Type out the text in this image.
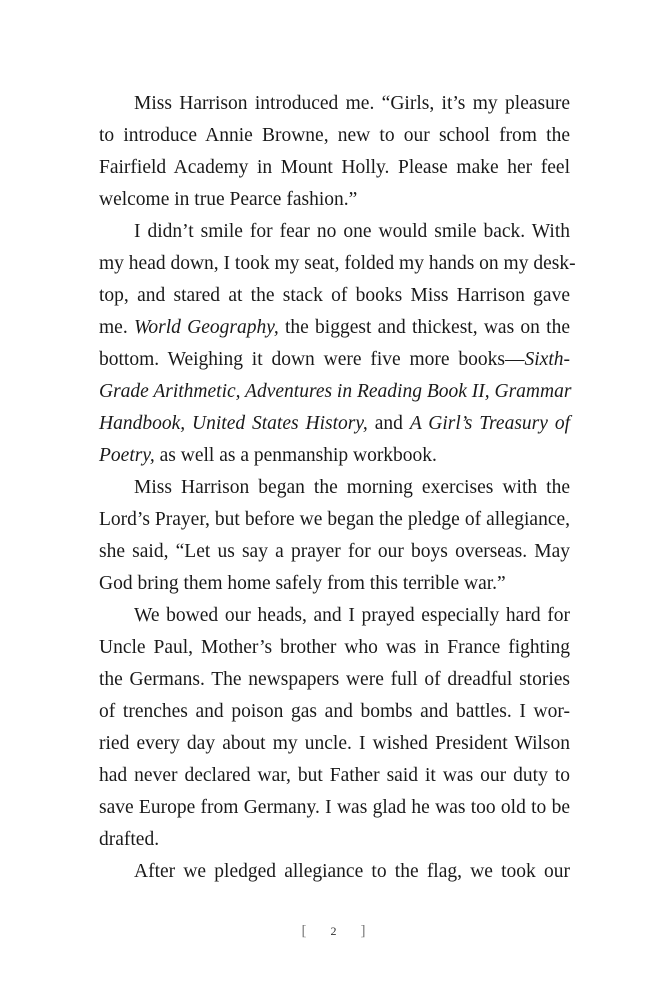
Miss Harrison introduced me. “Girls, it’s my pleasure
to introduce Annie Browne, new to our school from the
Fairfield Academy in Mount Holly. Please make her feel
welcome in true Pearce fashion.”
I didn’t smile for fear no one would smile back. With
my head down, I took my seat, folded my hands on my desk-
top, and stared at the stack of books Miss Harrison gave
me. World Geography, the biggest and thickest, was on the
bottom. Weighing it down were five more books—Sixth-
Grade Arithmetic, Adventures in Reading Book II, Grammar
Handbook, United States History, and A Girl’s Treasury of
Poetry, as well as a penmanship workbook.
Miss Harrison began the morning exercises with the
Lord’s Prayer, but before we began the pledge of allegiance,
she said, “Let us say a prayer for our boys overseas. May
God bring them home safely from this terrible war.”
We bowed our heads, and I prayed especially hard for
Uncle Paul, Mother’s brother who was in France fighting
the Germans. The newspapers were full of dreadful stories
of trenches and poison gas and bombs and battles. I wor-
ried every day about my uncle. I wished President Wilson
had never declared war, but Father said it was our duty to
save Europe from Germany. I was glad he was too old to be
drafted.
After we pledged allegiance to the flag, we took our
[ 2 ]
